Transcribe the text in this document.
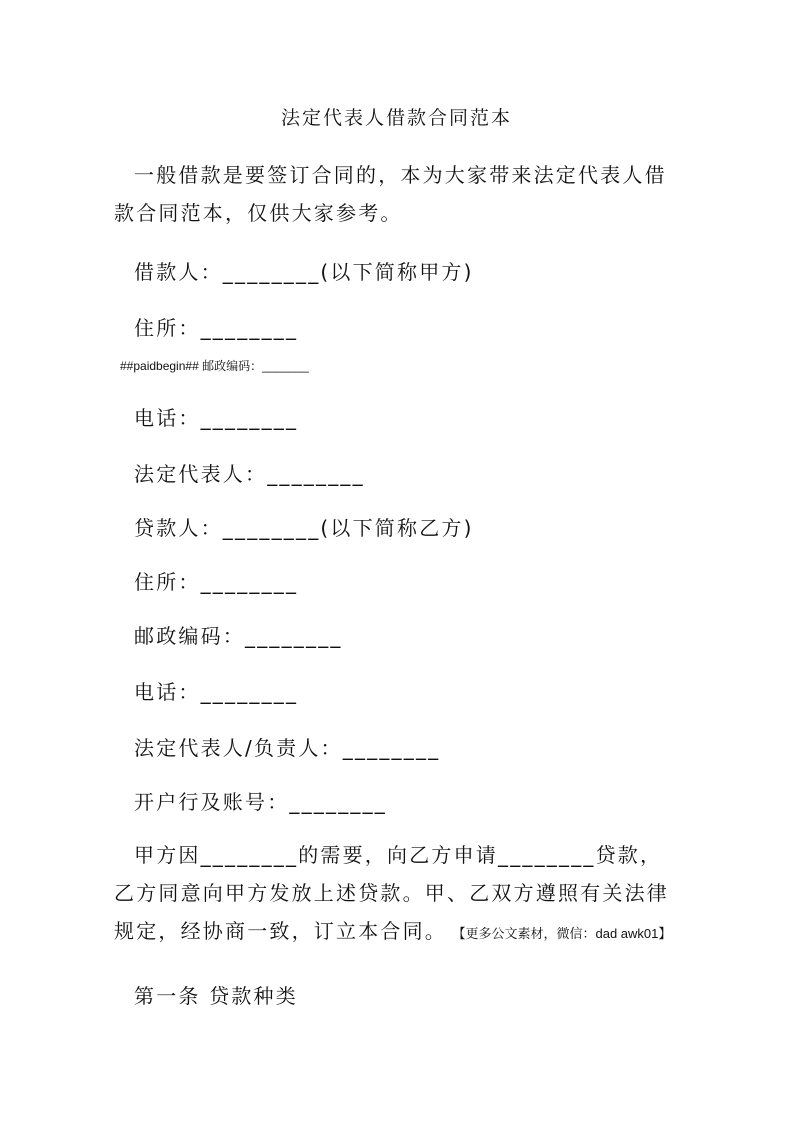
法定代表人借款合同范本

一般借款是要签订合同的，本为大家带来法定代表人借款合同范本，仅供大家参考。

借款人：________(以下简称甲方)
住所：________
##paidbegin## 邮政编码：_______
电话：________
法定代表人：________
贷款人：________(以下简称乙方)
住所：________
邮政编码：________
电话：________
法定代表人/负责人：________
开户行及账号：________

甲方因________的需要，向乙方申请________贷款，乙方同意向甲方发放上述贷款。甲、乙双方遵照有关法律规定，经协商一致，订立本合同。 【更多公文素材，微信：dad awk01】

第一条 贷款种类
